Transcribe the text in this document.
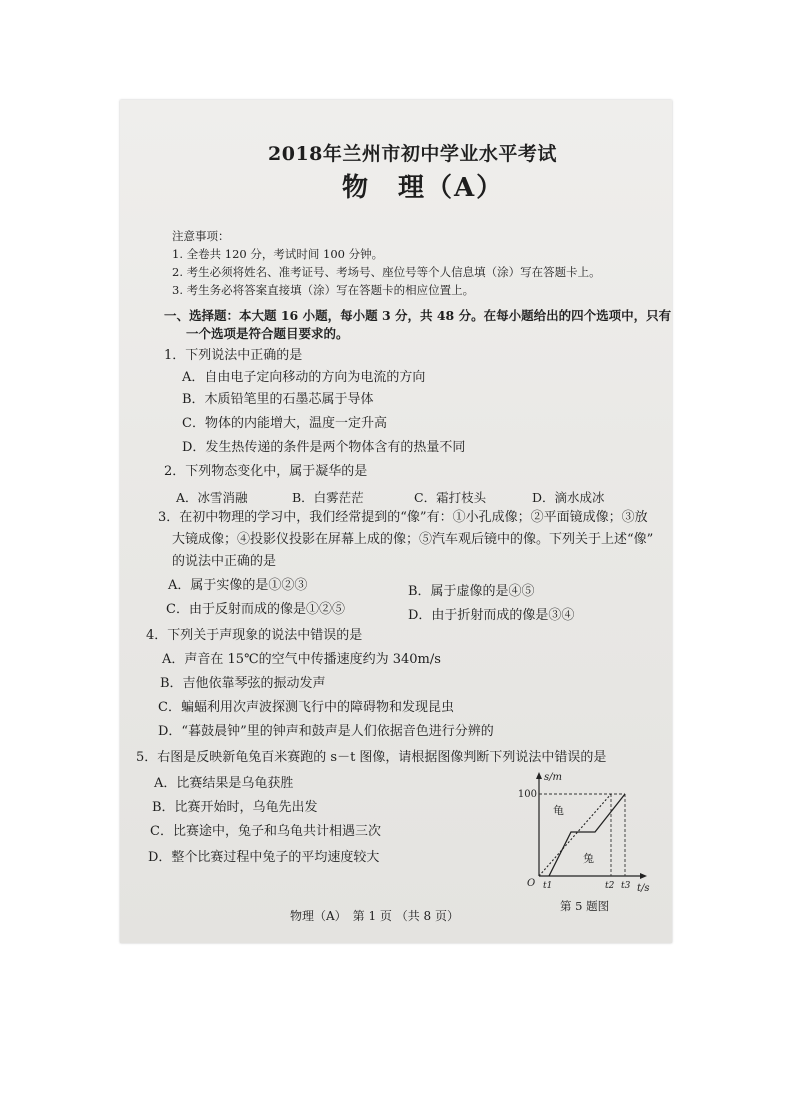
2018年兰州市初中学业水平考试
物　理（A）
注意事项：
1. 全卷共 120 分，考试时间 100 分钟。
2. 考生必须将姓名、准考证号、考场号、座位号等个人信息填（涂）写在答题卡上。
3. 考生务必将答案直接填（涂）写在答题卡的相应位置上。
一、选择题：本大题 16 小题，每小题 3 分，共 48 分。在每小题给出的四个选项中，只有
一个选项是符合题目要求的。
1．下列说法中正确的是
A．自由电子定向移动的方向为电流的方向
B．木质铅笔里的石墨芯属于导体
C．物体的内能增大，温度一定升高
D．发生热传递的条件是两个物体含有的热量不同
2．下列物态变化中，属于凝华的是
A．冰雪消融	B．白雾茫茫	C．霜打枝头	D．滴水成冰
3．在初中物理的学习中，我们经常提到的“像”有：①小孔成像；②平面镜成像；③放
大镜成像；④投影仪投影在屏幕上成的像；⑤汽车观后镜中的像。下列关于上述“像”
的说法中正确的是
A．属于实像的是①②③	B．属于虚像的是④⑤
C．由于反射而成的像是①②⑤	D．由于折射而成的像是③④
4．下列关于声现象的说法中错误的是
A．声音在 15℃的空气中传播速度约为 340m/s
B．吉他依靠琴弦的振动发声
C．蝙蝠利用次声波探测飞行中的障碍物和发现昆虫
D．“暮鼓晨钟”里的钟声和鼓声是人们依据音色进行分辨的
5．右图是反映新龟兔百米赛跑的 s－t 图像，请根据图像判断下列说法中错误的是
A．比赛结果是乌龟获胜
B．比赛开始时，乌龟先出发
C．比赛途中，兔子和乌龟共计相遇三次
D．整个比赛过程中兔子的平均速度较大
s/m
t/s
O
100
t1	t2 t3
龟
兔
第 5 题图
物理（A）　第 1 页 （共 8 页）
